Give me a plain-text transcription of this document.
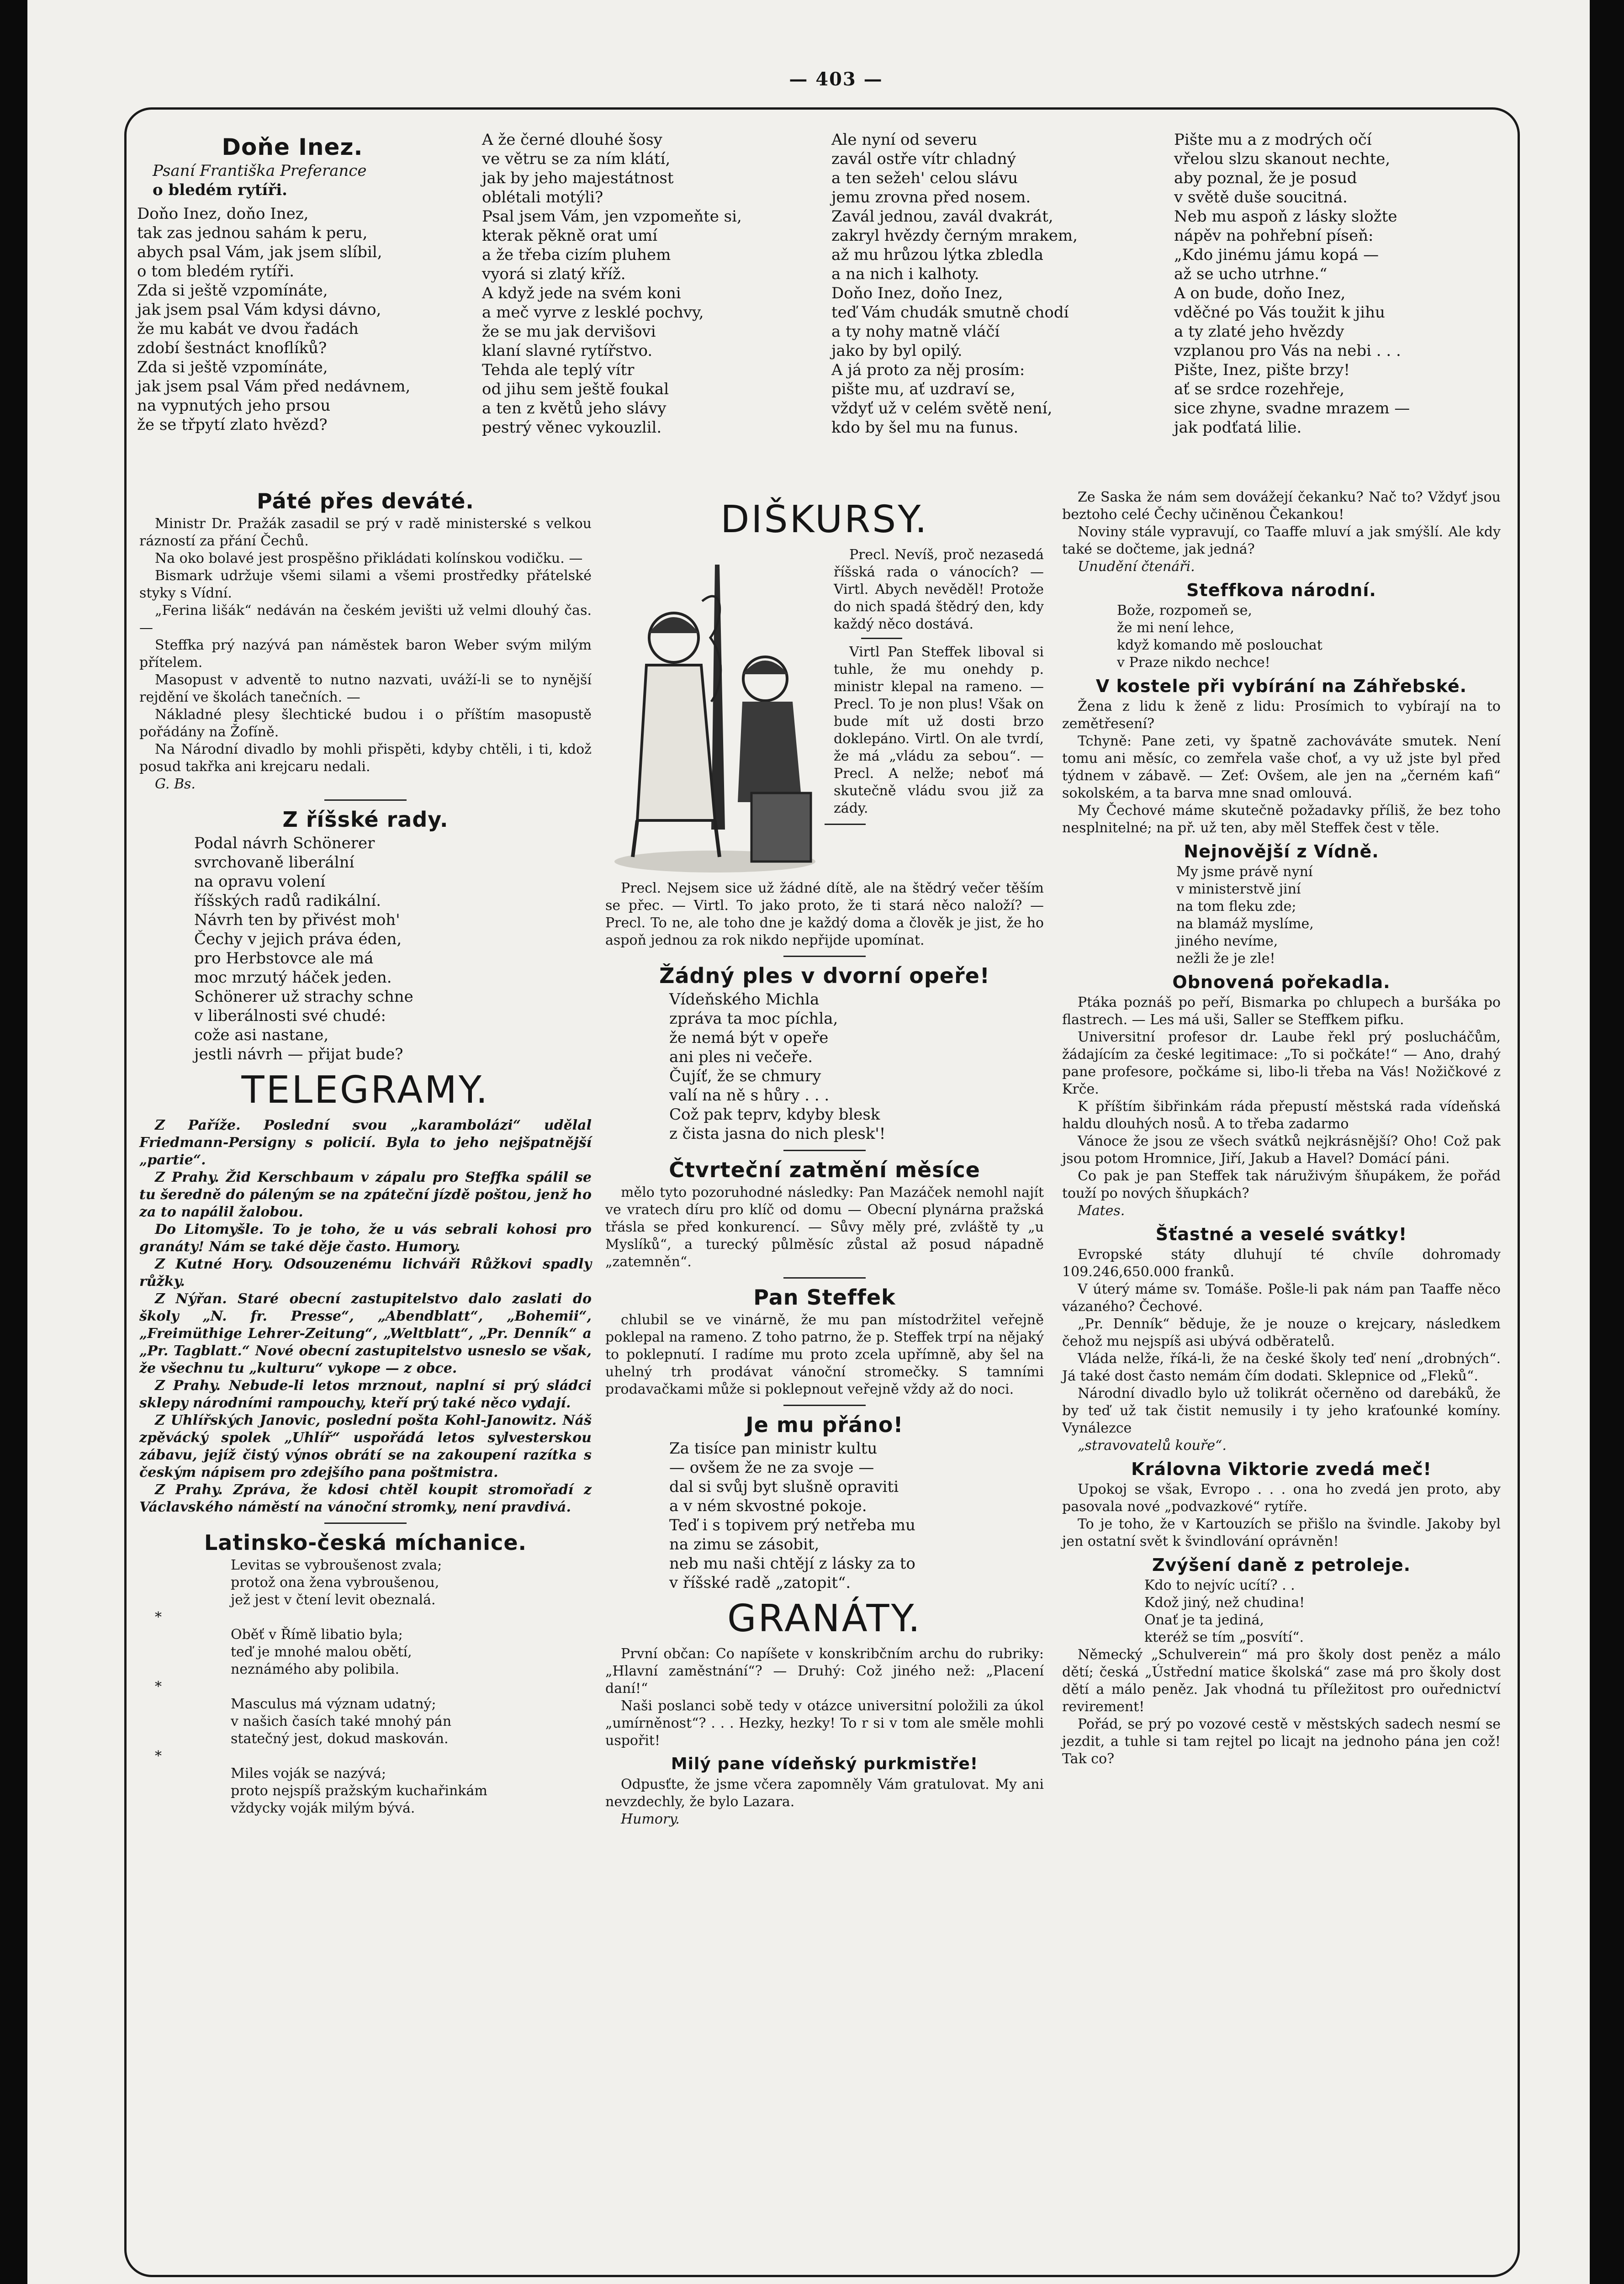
— 403 —
Doňe Inez.

Psaní Františka Preferance

o bledém rytíři.

Doňo Inez, doňo Inez,
tak zas jednou sahám k peru,
abych psal Vám, jak jsem slíbil,
o tom bledém rytíři.
Zda si ještě vzpomínáte,
jak jsem psal Vám kdysi dávno,
že mu kabát ve dvou řadách
zdobí šestnáct knoflíků?
Zda si ještě vzpomínáte,
jak jsem psal Vám před nedávnem,
na vypnutých jeho prsou
že se třpytí zlato hvězd?

A že černé dlouhé šosy
ve větru se za ním klátí,
jak by jeho majestátnost
oblétali motýli?
Psal jsem Vám, jen vzpomeňte si,
kterak pěkně orat umí
a že třeba cizím pluhem
vyorá si zlatý kříž.
A když jede na svém koni
a meč vyrve z lesklé pochvy,
že se mu jak dervišovi
klaní slavné rytířstvo.
Tehda ale teplý vítr
od jihu sem ještě foukal
a ten z květů jeho slávy
pestrý věnec vykouzlil.

Ale nyní od severu
zavál ostře vítr chladný
a ten sežeh' celou slávu
jemu zrovna před nosem.
Zavál jednou, zavál dvakrát,
zakryl hvězdy černým mrakem,
až mu hrůzou lýtka zbledla
a na nich i kalhoty.
Doňo Inez, doňo Inez,
teď Vám chudák smutně chodí
a ty nohy matně vláčí
jako by byl opilý.
A já proto za něj prosím:
pište mu, ať uzdraví se,
vždyť už v celém světě není,
kdo by šel mu na funus.

Pište mu a z modrých očí
vřelou slzu skanout nechte,
aby poznal, že je posud
v světě duše soucitná.
Neb mu aspoň z lásky složte
nápěv na pohřební píseň:
„Kdo jinému jámu kopá —
až se ucho utrhne.“
A on bude, doňo Inez,
vděčné po Vás toužit k jihu
a ty zlaté jeho hvězdy
vzplanou pro Vás na nebi . . .
Pište, Inez, pište brzy!
ať se srdce rozehřeje,
sice zhyne, svadne mrazem —
jak podťatá lilie.

Páté přes deváté.

Ministr Dr. Pražák zasadil se prý v radě ministerské s velkou rázností za přání Čechů.

Na oko bolavé jest prospěšno přikládati kolínskou vodičku. —

Bismark udržuje všemi silami a všemi prostředky přátelské styky s Vídní.

„Ferina lišák“ nedáván na českém jevišti už velmi dlouhý čas. —

Steffka prý nazývá pan náměstek baron Weber svým milým přítelem.

Masopust v adventě to nutno nazvati, uváží-li se to nynější rejdění ve školách tanečních. —

Nákladné plesy šlechtické budou i o příštím masopustě pořádány na Žofíně.

Na Národní divadlo by mohli přispěti, kdyby chtěli, i ti, kdož posud takřka ani krejcaru nedali.

G. Bs.

Z říšské rady.

Podal návrh Schönerer
svrchovaně liberální
na opravu volení
říšských radů radikální.
Návrh ten by přivést moh'
Čechy v jejich práva éden,
pro Herbstovce ale má
moc mrzutý háček jeden.
Schönerer už strachy schne
v liberálnosti své chudé:
cože asi nastane,
jestli návrh — přijat bude?

TELEGRAMY.

Z Paříže. Poslední svou „karambolázi“ udělal Friedmann-Persigny s policií. Byla to jeho nejšpatnější „partie“.

Z Prahy. Žid Kerschbaum v zápalu pro Steffka spálil se tu šeredně do páleným se na zpáteční jízdě poštou, jenž ho za to napálil žalobou.

Do Litomyšle. To je toho, že u vás sebrali kohosi pro granáty! Nám se také děje často. Humory.

Z Kutné Hory. Odsouzenému lichváři Růžkovi spadly růžky.

Z Nýřan. Staré obecní zastupitelstvo dalo zaslati do školy „N. fr. Presse“, „Abendblatt“, „Bohemii“, „Freimüthige Lehrer-Zeitung“, „Weltblatt“, „Pr. Denník“ a „Pr. Tagblatt.“ Nové obecní zastupitelstvo usneslo se však, že všechnu tu „kulturu“ vykope — z obce.

Z Prahy. Nebude-li letos mrznout, naplní si prý sládci sklepy národními rampouchy, kteří prý také něco vydají.

Z Uhlířských Janovic, poslední pošta Kohl-Janowitz. Náš zpěvácký spolek „Uhlíř“ uspořádá letos sylvesterskou zábavu, jejíž čistý výnos obrátí se na zakoupení razítka s českým nápisem pro zdejšího pana poštmistra.

Z Prahy. Zpráva, že kdosi chtěl koupit stromořadí z Václavského náměstí na vánoční stromky, není pravdivá.

Latinsko-česká míchanice.

Levitas se vybroušenost zvala;
protož ona žena vybroušenou,
jež jest v čtení levit obeznalá.

*

Oběť v Římě libatio byla;
teď je mnohé malou obětí,
neznámého aby polibila.

*

Masculus má význam udatný;
v našich časích také mnohý pán
statečný jest, dokud maskován.

*

Miles voják se nazývá;
proto nejspíš pražským kuchařinkám
vždycky voják milým bývá.

DIŠKURSY.

Precl. Nevíš, proč nezasedá říšská rada o vánocích? — Virtl. Abych nevěděl! Protože do nich spadá štědrý den, kdy každý něco dostává.

Virtl Pan Steffek liboval si tuhle, že mu onehdy p. ministr klepal na rameno. — Precl. To je non plus! Však on bude mít už dosti brzo doklepáno. Virtl. On ale tvrdí, že má „vládu za sebou“. — Precl. A nelže; neboť má skutečně vládu svou již za zády.

Precl. Nejsem sice už žádné dítě, ale na štědrý večer těším se přec. — Virtl. To jako proto, že ti stará něco naloží? — Precl. To ne, ale toho dne je každý doma a člověk je jist, že ho aspoň jednou za rok nikdo nepřijde upomínat.

Žádný ples v dvorní opeře!

Vídeňského Michla
zpráva ta moc píchla,
že nemá být v opeře
ani ples ni večeře.
Čujíť, že se chmury
valí na ně s hůry . . .
Což pak teprv, kdyby blesk
z čista jasna do nich plesk'!

Čtvrteční zatmění měsíce

mělo tyto pozoruhodné následky: Pan Mazáček nemohl najít ve vratech díru pro klíč od domu — Obecní plynárna pražská třásla se před konkurencí. — Sůvy měly pré, zvláště ty „u Myslíků“, a turecký půlměsíc zůstal až posud nápadně „zatemněn“.

Pan Steffek

chlubil se ve vinárně, že mu pan místodržitel veřejně poklepal na rameno. Z toho patrno, že p. Steffek trpí na nějaký to poklepnutí. I radíme mu proto zcela upřímně, aby šel na uhelný trh prodávat vánoční stromečky. S tamními prodavačkami může si poklepnout veřejně vždy až do noci.

Je mu přáno!

Za tisíce pan ministr kultu
— ovšem že ne za svoje —
dal si svůj byt slušně opraviti
a v ném skvostné pokoje.
Teď i s topivem prý netřeba mu
na zimu se zásobit,
neb mu naši chtějí z lásky za to
v říšské radě „zatopit“.

GRANÁTY.

První občan: Co napíšete v konskribčním archu do rubriky: „Hlavní zaměstnání“? — Druhý: Což jiného než: „Placení daní!“

Naši poslanci sobě tedy v otázce universitní položili za úkol „umírněnost“? . . . Hezky, hezky! To r si v tom ale směle mohli uspořit!

Milý pane vídeňský purkmistře!

Odpusťte, že jsme včera zapomněly Vám gratulovat. My ani nevzdechly, že bylo Lazara.

Humory.

Ze Saska že nám sem dovážejí čekanku? Nač to? Vždyť jsou beztoho celé Čechy učiněnou Čekankou!

Noviny stále vypravují, co Taaffe mluví a jak smýšlí. Ale kdy také se dočteme, jak jedná?

Unudění čtenáři.

Steffkova národní.

Bože, rozpomeň se,
že mi není lehce,
když komando mě poslouchat
v Praze nikdo nechce!

V kostele při vybírání na Záhřebské.

Žena z lidu k ženě z lidu: Prosímich to vybírají na to zemětřesení?

Tchyně: Pane zeti, vy špatně zachováváte smutek. Není tomu ani měsíc, co zemřela vaše choť, a vy už jste byl před týdnem v zábavě. — Zeť: Ovšem, ale jen na „černém kafi“ sokolském, a ta barva mne snad omlouvá.

My Čechové máme skutečně požadavky příliš, že bez toho nesplnitelné; na př. už ten, aby měl Steffek čest v těle.

Nejnovější z Vídně.

My jsme právě nyní
v ministerstvě jiní
na tom fleku zde;
na blamáž myslíme,
jiného nevíme,
nežli že je zle!

Obnovená pořekadla.

Ptáka poznáš po peří, Bismarka po chlupech a buršáka po flastrech. — Les má uši, Saller se Steffkem pifku.

Universitní profesor dr. Laube řekl prý poslucháčům, žádajícím za české legitimace: „To si počkáte!“ — Ano, drahý pane profesore, počkáme si, libo-li třeba na Vás! Nožičkové z Krče.

K příštím šibřinkám ráda přepustí městská rada vídeňská haldu dlouhých nosů. A to třeba zadarmo

Vánoce že jsou ze všech svátků nejkrásnější? Oho! Což pak jsou potom Hromnice, Jiří, Jakub a Havel? Domácí páni.

Co pak je pan Steffek tak náruživým šňupákem, že pořád touží po nových šňupkách?

Mates.

Šťastné a veselé svátky!

Evropské státy dluhují té chvíle dohromady 109.246,650.000 franků.

V úterý máme sv. Tomáše. Pošle-li pak nám pan Taaffe něco vázaného? Čechové.

„Pr. Denník“ běduje, že je nouze o krejcary, následkem čehož mu nejspíš asi ubývá odběratelů.

Vláda nelže, říká-li, že na české školy teď není „drobných“. Já také dost často nemám čím dodati. Sklepnice od „Fleků“.

Národní divadlo bylo už tolikrát očerněno od darebáků, že by teď už tak čistit nemusily i ty jeho kraťounké komíny. Vynálezce

„stravovatelů kouře“.

Královna Viktorie zvedá meč!

Upokoj se však, Evropo . . . ona ho zvedá jen proto, aby pasovala nové „podvazkové“ rytíře.

To je toho, že v Kartouzích se přišlo na švindle. Jakoby byl jen ostatní svět k švindlování oprávněn!

Zvýšení daně z petroleje.

Kdo to nejvíc ucítí? . .
Kdož jiný, než chudina!
Onať je ta jediná,
kteréž se tím „posvítí“.

Německý „Schulverein“ má pro školy dost peněz a málo dětí; česká „Ústřední matice školská“ zase má pro školy dost dětí a málo peněz. Jak vhodná tu příležitost pro ouřednictví revirement!

Pořád, se prý po vozové cestě v městských sadech nesmí se jezdit, a tuhle si tam rejtel po licajt na jednoho pána jen což! Tak co?
